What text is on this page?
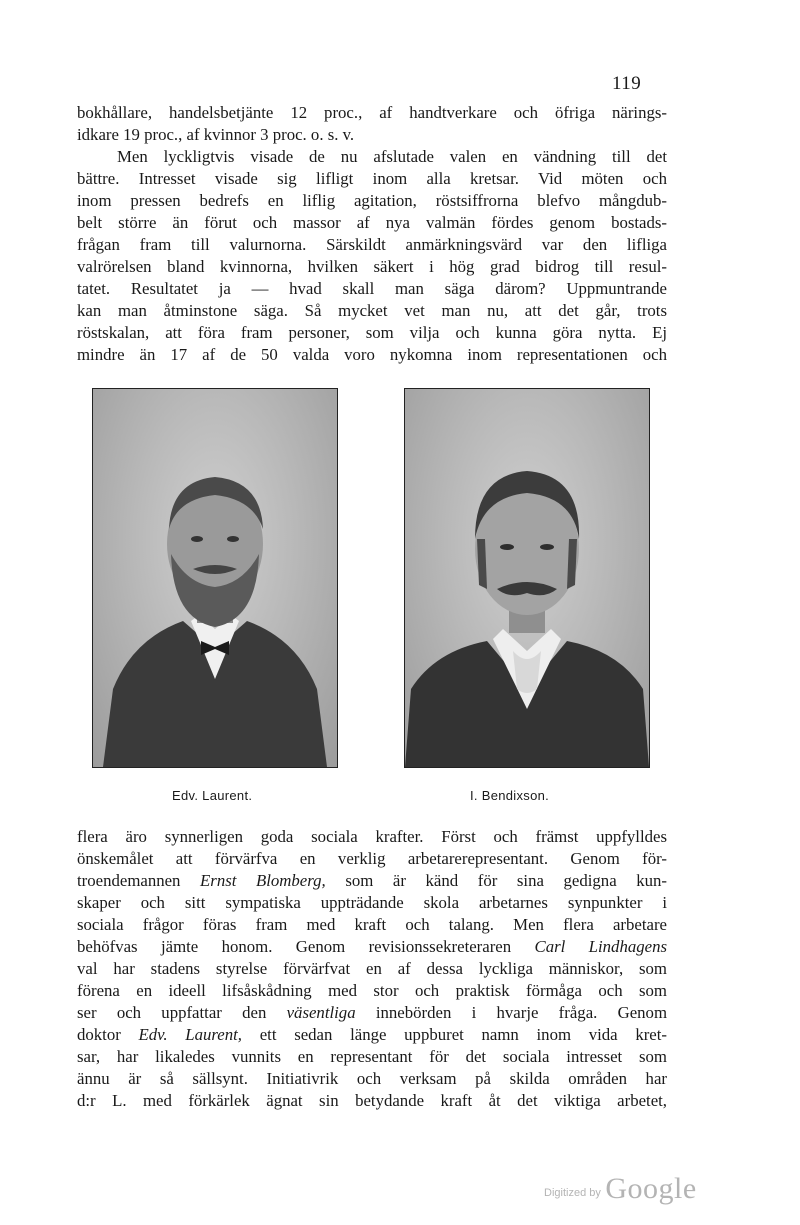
119
bokhållare, handelsbetjänte 12 proc., af handtverkare och öfriga närings-
idkare 19 proc., af kvinnor 3 proc. o. s. v.
Men lyckligtvis visade de nu afslutade valen en vändning till det
bättre. Intresset visade sig lifligt inom alla kretsar. Vid möten och
inom pressen bedrefs en liflig agitation, röstsiffrorna blefvo mångdub-
belt större än förut och massor af nya valmän fördes genom bostads-
frågan fram till valurnorna. Särskildt anmärkningsvärd var den lifliga
valrörelsen bland kvinnorna, hvilken säkert i hög grad bidrog till resul-
tatet. Resultatet ja — hvad skall man säga därom? Uppmuntrande
kan man åtminstone säga. Så mycket vet man nu, att det går, trots
röstskalan, att föra fram personer, som vilja och kunna göra nytta. Ej
mindre än 17 af de 50 valda voro nykomna inom representationen och
Edv. Laurent.	I. Bendixson.
flera äro synnerligen goda sociala krafter. Först och främst uppfylldes
önskemålet att förvärfva en verklig arbetarerepresentant. Genom för-
troendemannen Ernst Blomberg, som är känd för sina gedigna kun-
skaper och sitt sympatiska uppträdande skola arbetarnes synpunkter i
sociala frågor föras fram med kraft och talang. Men flera arbetare
behöfvas jämte honom. Genom revisionssekreteraren Carl Lindhagens
val har stadens styrelse förvärfvat en af dessa lyckliga människor, som
förena en ideell lifsåskådning med stor och praktisk förmåga och som
ser och uppfattar den väsentliga innebörden i hvarje fråga. Genom
doktor Edv. Laurent, ett sedan länge uppburet namn inom vida kret-
sar, har likaledes vunnits en representant för det sociala intresset som
ännu är så sällsynt. Initiativrik och verksam på skilda områden har
d:r L. med förkärlek ägnat sin betydande kraft åt det viktiga arbetet,
Digitized by Google
